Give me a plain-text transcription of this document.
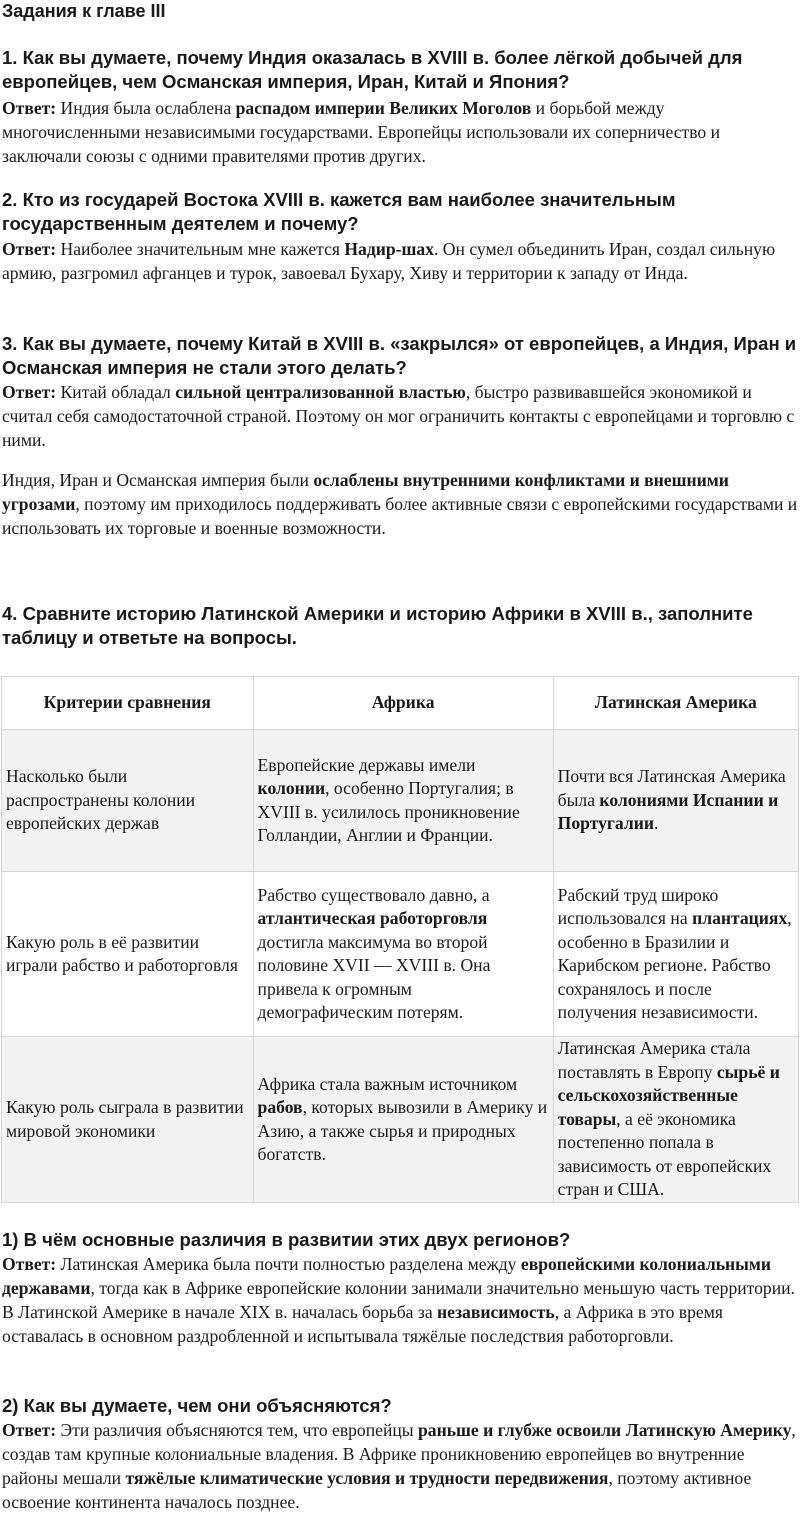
Задания к главе III
1. Как вы думаете, почему Индия оказалась в XVIII в. более лёгкой добычей для европейцев, чем Османская империя, Иран, Китай и Япония?
Ответ: Индия была ослаблена распадом империи Великих Моголов и борьбой между многочисленными независимыми государствами. Европейцы использовали их соперничество и заключали союзы с одними правителями против других.
2. Кто из государей Востока XVIII в. кажется вам наиболее значительным государственным деятелем и почему?
Ответ: Наиболее значительным мне кажется Надир-шах. Он сумел объединить Иран, создал сильную армию, разгромил афганцев и турок, завоевал Бухару, Хиву и территории к западу от Инда.
3. Как вы думаете, почему Китай в XVIII в. «закрылся» от европейцев, а Индия, Иран и Османская империя не стали этого делать?
Ответ: Китай обладал сильной централизованной властью, быстро развивавшейся экономикой и считал себя самодостаточной страной. Поэтому он мог ограничить контакты с европейцами и торговлю с ними.
Индия, Иран и Османская империя были ослаблены внутренними конфликтами и внешними угрозами, поэтому им приходилось поддерживать более активные связи с европейскими государствами и использовать их торговые и военные возможности.
4. Сравните историю Латинской Америки и историю Африки в XVIII в., заполните таблицу и ответьте на вопросы.
Критерии сравнения	Африка	Латинская Америка

Насколько были распространены колонии европейских держав	Европейские державы имели колонии, особенно Португалия; в XVIII в. усилилось проникновение Голландии, Англии и Франции.	Почти вся Латинская Америка была колониями Испании и Португалии.

Какую роль в её развитии играли рабство и работорговля	Рабство существовало давно, а атлантическая работорговля достигла максимума во второй половине XVII — XVIII в. Она привела к огромным демографическим потерям.	Рабский труд широко использовался на плантациях, особенно в Бразилии и Карибском регионе. Рабство сохранялось и после получения независимости.

Какую роль сыграла в развитии мировой экономики	Африка стала важным источником рабов, которых вывозили в Америку и Азию, а также сырья и природных богатств.	Латинская Америка стала поставлять в Европу сырьё и сельскохозяйственные товары, а её экономика постепенно попала в зависимость от европейских стран и США.
1) В чём основные различия в развитии этих двух регионов?
Ответ: Латинская Америка была почти полностью разделена между европейскими колониальными державами, тогда как в Африке европейские колонии занимали значительно меньшую часть территории. В Латинской Америке в начале XIX в. началась борьба за независимость, а Африка в это время оставалась в основном раздробленной и испытывала тяжёлые последствия работорговли.
2) Как вы думаете, чем они объясняются?
Ответ: Эти различия объясняются тем, что европейцы раньше и глубже освоили Латинскую Америку, создав там крупные колониальные владения. В Африке проникновению европейцев во внутренние районы мешали тяжёлые климатические условия и трудности передвижения, поэтому активное освоение континента началось позднее.
